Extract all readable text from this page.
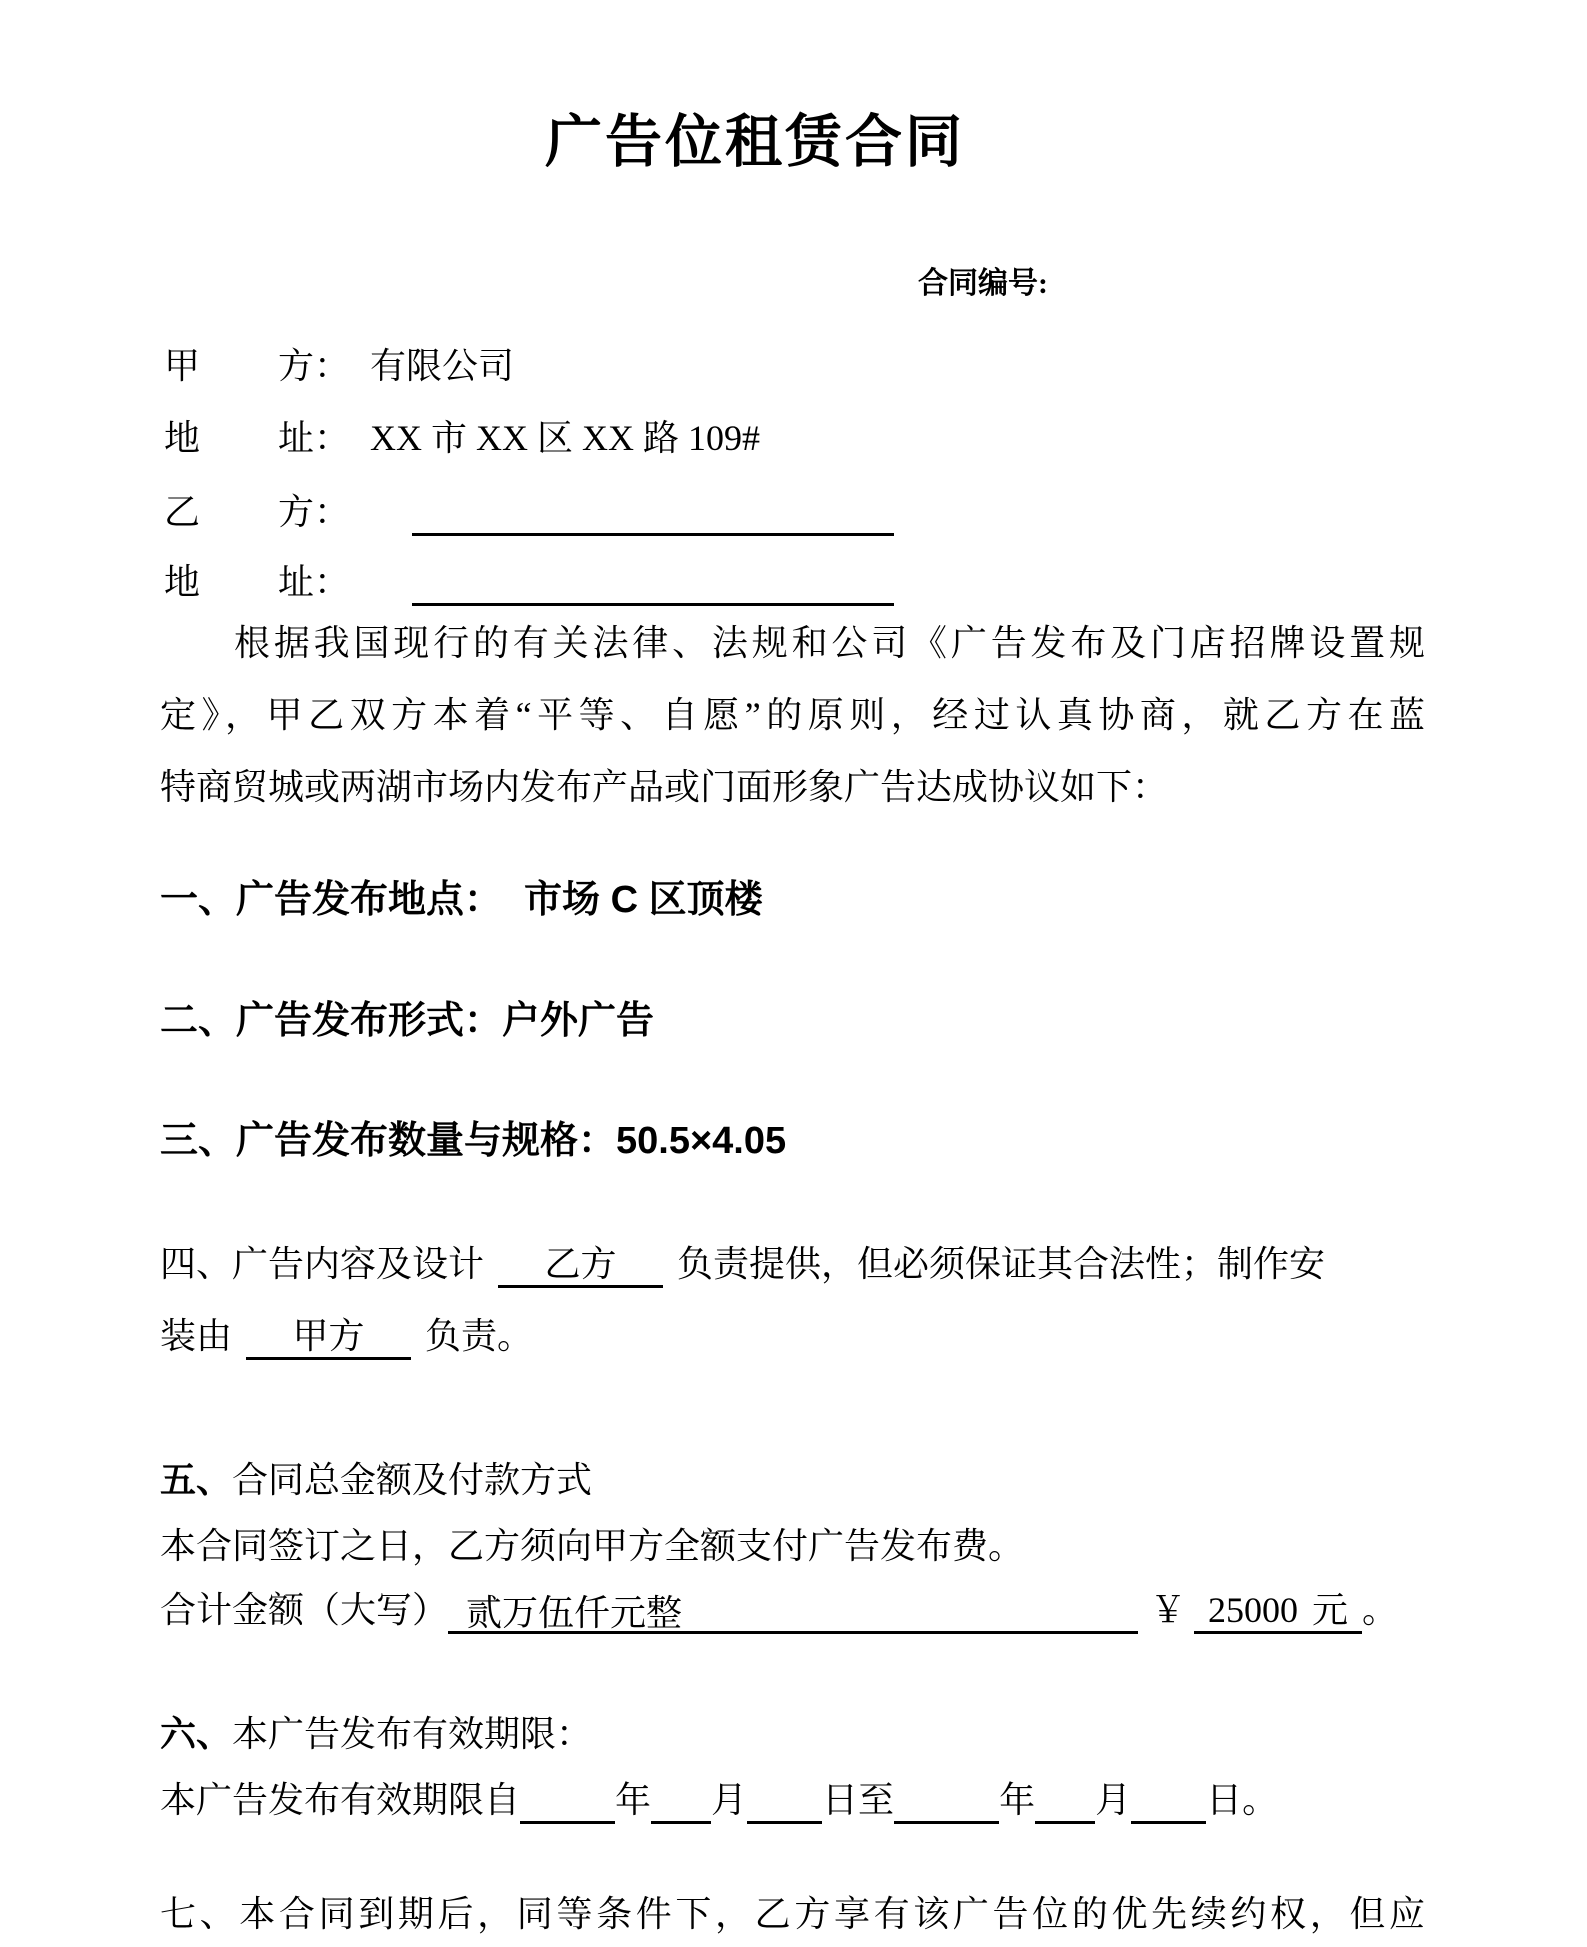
广告位租赁合同
合同编号:
甲 方 ： 有限公司
地 址 ： XX 市 XX 区 XX 路 109#
乙 方 ：
地 址 ：
根据我国现行的有关法律、法规和公司《广告发布及门店招牌设置规
定》，甲乙双方本着“平等、自愿”的原则，经过认真协商，就乙方在蓝
特商贸城或两湖市场内发布产品或门面形象广告达成协议如下：
一、广告发布地点： 市场 C 区顶楼
二、广告发布形式：户外广告
三、广告发布数量与规格：50.5×4.05
四、广告内容及设计 乙方 负责提供，但必须保证其合法性；制作安
装由 甲方 负责。
五、合同总金额及付款方式
本合同签订之日，乙方须向甲方全额支付广告发布费。
合计金额（大写） 贰万伍仟元整	￥ 25000 元 。
六、本广告发布有效期限：
本广告发布有效期限自	年 月 日至	年 月 日。
七、本合同到期后，同等条件下，乙方享有该广告位的优先续约权，但应
